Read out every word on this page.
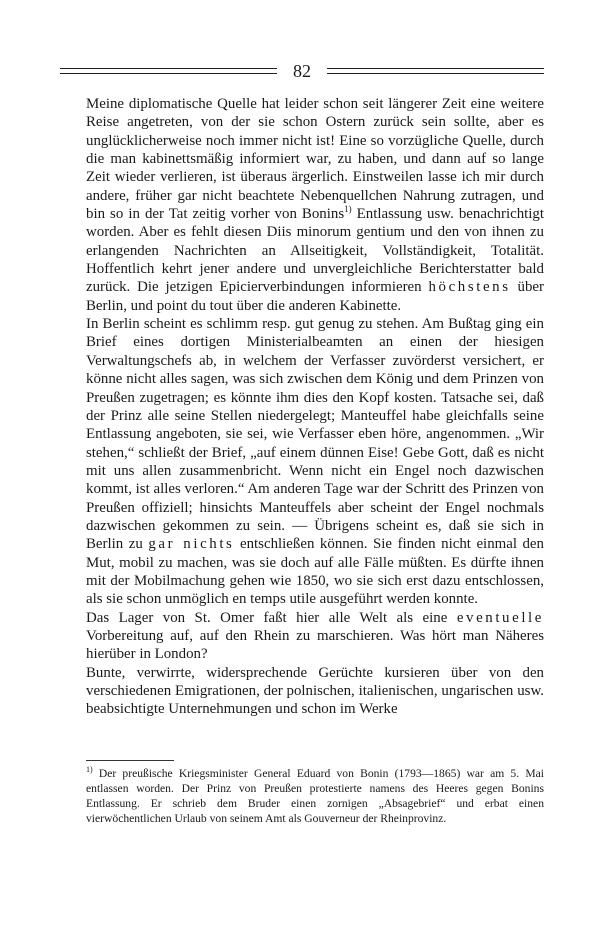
82

Meine diplomatische Quelle hat leider schon seit längerer Zeit eine weitere Reise angetreten, von der sie schon Ostern zurück sein sollte, aber es unglücklicherweise noch immer nicht ist! Eine so vorzügliche Quelle, durch die man kabinettsmäßig informiert war, zu haben, und dann auf so lange Zeit wieder verlieren, ist überaus ärgerlich. Einstweilen lasse ich mir durch andere, früher gar nicht beachtete Nebenquellchen Nahrung zutragen, und bin so in der Tat zeitig vorher von Bonins$^{1)}$ Entlassung usw. benachrichtigt worden. Aber es fehlt diesen Diis minorum gentium und den von ihnen zu erlangenden Nachrichten an Allseitigkeit, Vollständigkeit, Totalität. Hoffentlich kehrt jener andere und unvergleichliche Berichterstatter bald zurück. Die jetzigen Epicierverbindungen informieren höchstens über Berlin, und point du tout über die anderen Kabinette.

In Berlin scheint es schlimm resp. gut genug zu stehen. Am Bußtag ging ein Brief eines dortigen Ministerialbeamten an einen der hiesigen Verwaltungschefs ab, in welchem der Verfasser zuvörderst versichert, er könne nicht alles sagen, was sich zwischen dem König und dem Prinzen von Preußen zugetragen; es könnte ihm dies den Kopf kosten. Tatsache sei, daß der Prinz alle seine Stellen niedergelegt; Manteuffel habe gleichfalls seine Entlassung angeboten, sie sei, wie Verfasser eben höre, angenommen. „Wir stehen,“ schließt der Brief, „auf einem dünnen Eise! Gebe Gott, daß es nicht mit uns allen zusammenbricht. Wenn nicht ein Engel noch dazwischen kommt, ist alles verloren.“ Am anderen Tage war der Schritt des Prinzen von Preußen offiziell; hinsichts Manteuffels aber scheint der Engel nochmals dazwischen gekommen zu sein. — Übrigens scheint es, daß sie sich in Berlin zu gar nichts entschließen können. Sie finden nicht einmal den Mut, mobil zu machen, was sie doch auf alle Fälle müßten. Es dürfte ihnen mit der Mobilmachung gehen wie 1850, wo sie sich erst dazu entschlossen, als sie schon unmöglich en temps utile ausgeführt werden konnte.

Das Lager von St. Omer faßt hier alle Welt als eine eventuelle Vorbereitung auf, auf den Rhein zu marschieren. Was hört man Näheres hierüber in London?

Bunte, verwirrte, widersprechende Gerüchte kursieren über von den verschiedenen Emigrationen, der polnischen, italienischen, ungarischen usw. beabsichtigte Unternehmungen und schon im Werke

$^{1)}$ Der preußische Kriegsminister General Eduard von Bonin (1793—1865) war am 5. Mai entlassen worden. Der Prinz von Preußen protestierte namens des Heeres gegen Bonins Entlassung. Er schrieb dem Bruder einen zornigen „Absagebrief“ und erbat einen vierwöchentlichen Urlaub von seinem Amt als Gouverneur der Rheinprovinz.
